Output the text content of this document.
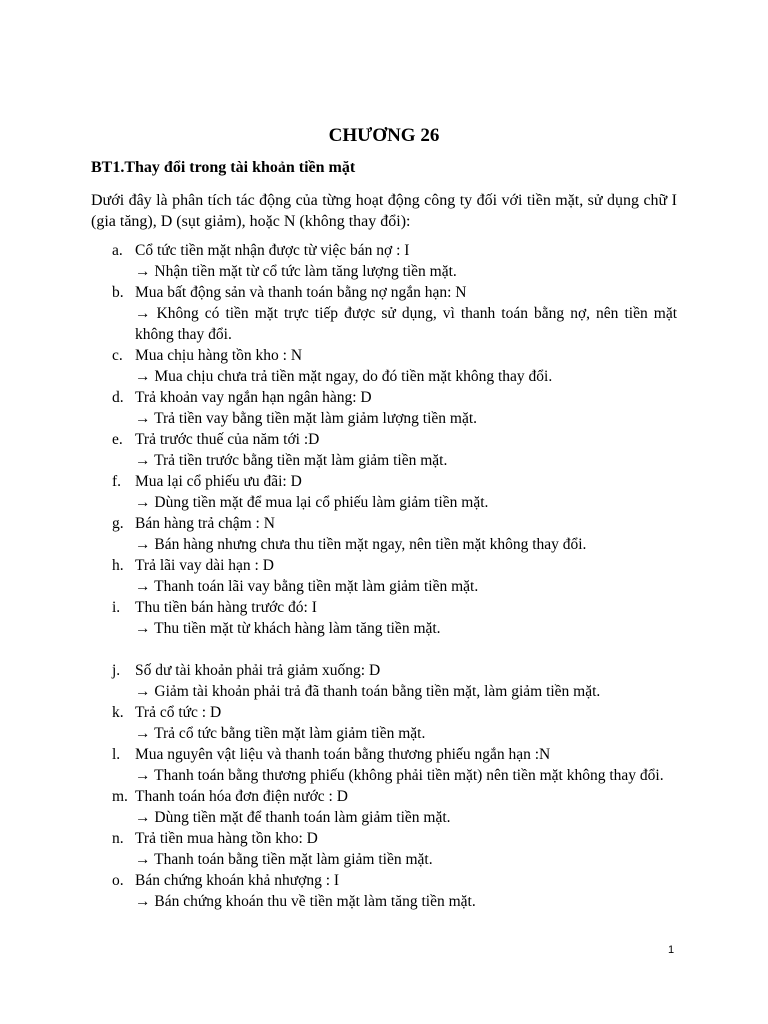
CHƯƠNG 26
BT1.Thay đổi trong tài khoản tiền mặt

Dưới đây là phân tích tác động của từng hoạt động công ty đối với tiền mặt, sử dụng chữ I (gia tăng), D (sụt giảm), hoặc N (không thay đổi):

a. Cổ tức tiền mặt nhận được từ việc bán nợ : I
→ Nhận tiền mặt từ cổ tức làm tăng lượng tiền mặt.
b. Mua bất động sản và thanh toán bằng nợ ngắn hạn: N
→ Không có tiền mặt trực tiếp được sử dụng, vì thanh toán bằng nợ, nên tiền mặt không thay đổi.
c. Mua chịu hàng tồn kho : N
→ Mua chịu chưa trả tiền mặt ngay, do đó tiền mặt không thay đổi.
d. Trả khoản vay ngắn hạn ngân hàng: D
→ Trả tiền vay bằng tiền mặt làm giảm lượng tiền mặt.
e. Trả trước thuế của năm tới :D
→ Trả tiền trước bằng tiền mặt làm giảm tiền mặt.
f. Mua lại cổ phiếu ưu đãi: D
→ Dùng tiền mặt để mua lại cổ phiếu làm giảm tiền mặt.
g. Bán hàng trả chậm : N
→ Bán hàng nhưng chưa thu tiền mặt ngay, nên tiền mặt không thay đổi.
h. Trả lãi vay dài hạn : D
→ Thanh toán lãi vay bằng tiền mặt làm giảm tiền mặt.
i. Thu tiền bán hàng trước đó: I
→ Thu tiền mặt từ khách hàng làm tăng tiền mặt.
j. Số dư tài khoản phải trả giảm xuống: D
→ Giảm tài khoản phải trả đã thanh toán bằng tiền mặt, làm giảm tiền mặt.
k. Trả cổ tức : D
→ Trả cổ tức bằng tiền mặt làm giảm tiền mặt.
l. Mua nguyên vật liệu và thanh toán bằng thương phiếu ngắn hạn :N
→ Thanh toán bằng thương phiếu (không phải tiền mặt) nên tiền mặt không thay đổi.
m. Thanh toán hóa đơn điện nước : D
→ Dùng tiền mặt để thanh toán làm giảm tiền mặt.
n. Trả tiền mua hàng tồn kho: D
→ Thanh toán bằng tiền mặt làm giảm tiền mặt.
o. Bán chứng khoán khả nhượng : I
→ Bán chứng khoán thu về tiền mặt làm tăng tiền mặt.
1
